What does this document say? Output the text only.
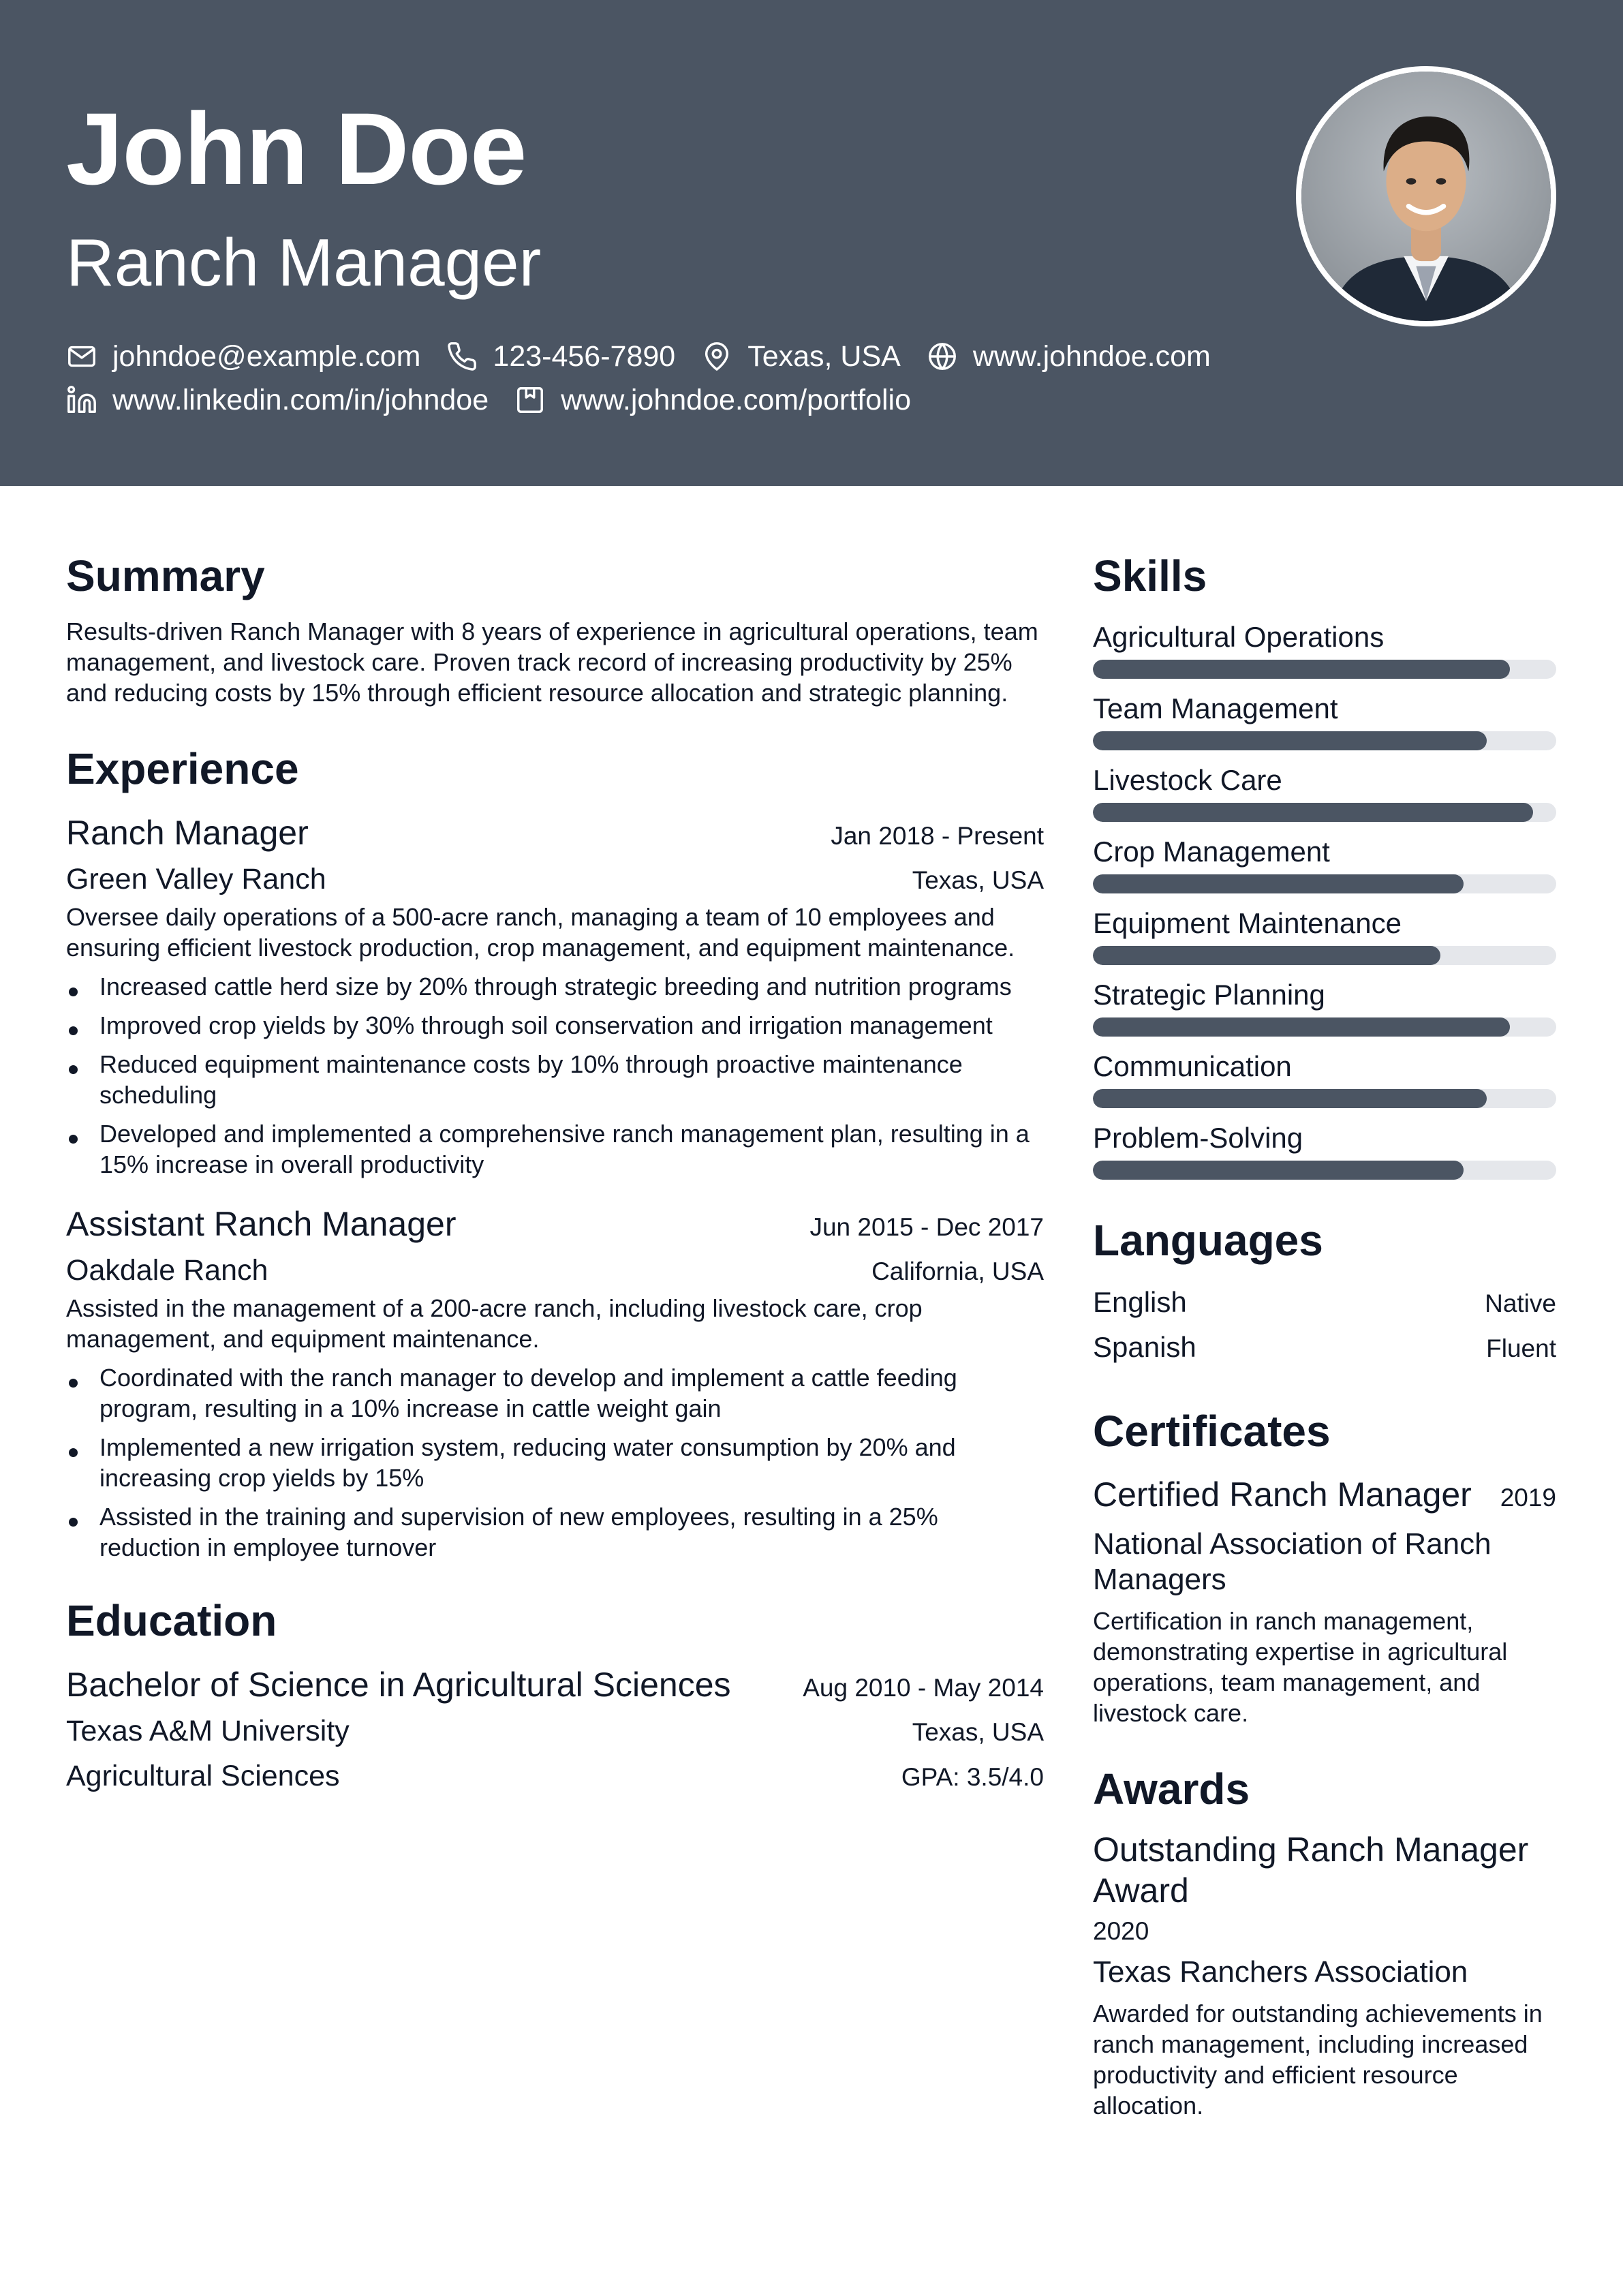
John Doe
Ranch Manager
johndoe@example.com 123-456-7890 Texas, USA www.johndoe.com
www.linkedin.com/in/johndoe www.johndoe.com/portfolio
Summary

Results-driven Ranch Manager with 8 years of experience in agricultural operations, team management, and livestock care. Proven track record of increasing productivity by 25% and reducing costs by 15% through efficient resource allocation and strategic planning.

Experience
Ranch Manager	Jan 2018 - Present
Green Valley Ranch	Texas, USA

Oversee daily operations of a 500-acre ranch, managing a team of 10 employees and ensuring efficient livestock production, crop management, and equipment maintenance.

Increased cattle herd size by 20% through strategic breeding and nutrition programs
Improved crop yields by 30% through soil conservation and irrigation management
Reduced equipment maintenance costs by 10% through proactive maintenance scheduling
Developed and implemented a comprehensive ranch management plan, resulting in a 15% increase in overall productivity
Assistant Ranch Manager	Jun 2015 - Dec 2017
Oakdale Ranch	California, USA

Assisted in the management of a 200-acre ranch, including livestock care, crop management, and equipment maintenance.

Coordinated with the ranch manager to develop and implement a cattle feeding program, resulting in a 10% increase in cattle weight gain
Implemented a new irrigation system, reducing water consumption by 20% and increasing crop yields by 15%
Assisted in the training and supervision of new employees, resulting in a 25% reduction in employee turnover
Education
Bachelor of Science in Agricultural Sciences	Aug 2010 - May 2014
Texas A&M University	Texas, USA
Agricultural Sciences	GPA: 3.5/4.0
Skills
Agricultural Operations
Team Management
Livestock Care
Crop Management
Equipment Maintenance
Strategic Planning
Communication
Problem-Solving
Languages
English	Native
Spanish	Fluent
Certificates
Certified Ranch Manager 2019
National Association of Ranch Managers

Certification in ranch management, demonstrating expertise in agricultural operations, team management, and livestock care.

Awards
Outstanding Ranch Manager Award
2020
Texas Ranchers Association

Awarded for outstanding achievements in ranch management, including increased productivity and efficient resource allocation.
